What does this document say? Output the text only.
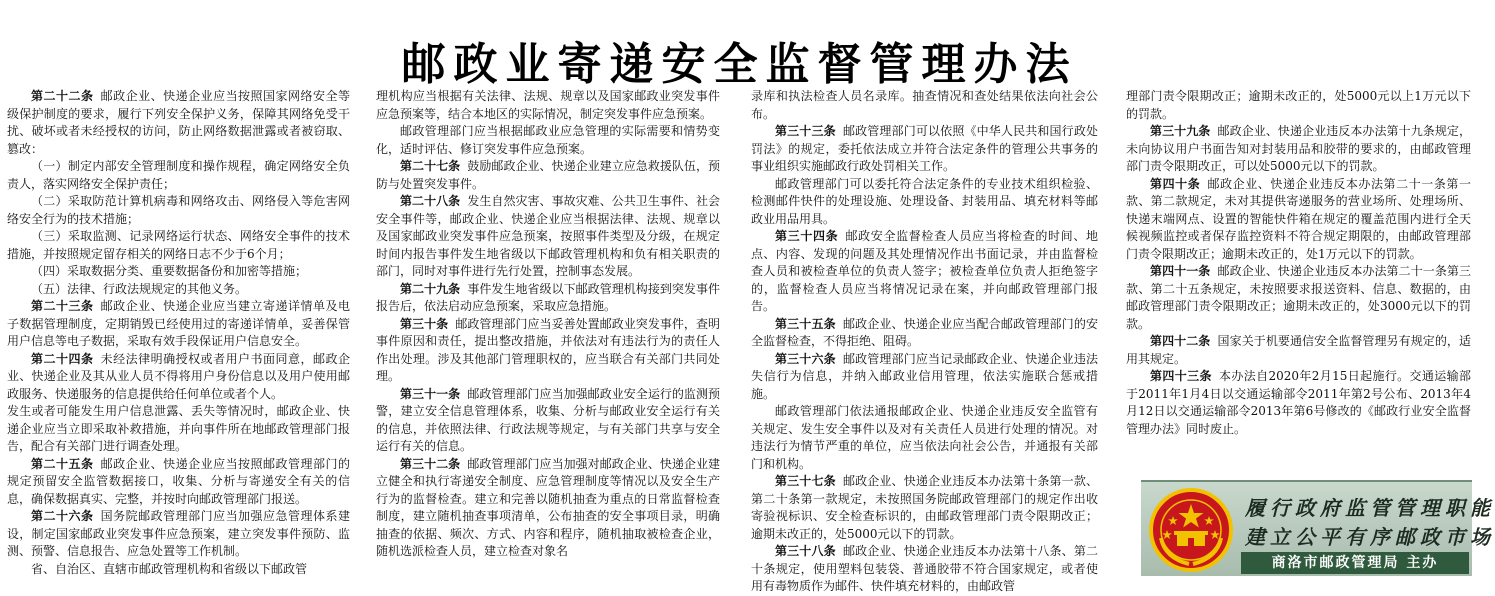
邮政业寄递安全监督管理办法

第二十二条 邮政企业、快递企业应当按照国家网络安全等级保护制度的要求，履行下列安全保护义务，保障其网络免受干扰、破坏或者未经授权的访问，防止网络数据泄露或者被窃取、篡改：

（一）制定内部安全管理制度和操作规程，确定网络安全负责人，落实网络安全保护责任；

（二）采取防范计算机病毒和网络攻击、网络侵入等危害网络安全行为的技术措施；

（三）采取监测、记录网络运行状态、网络安全事件的技术措施，并按照规定留存相关的网络日志不少于6个月；

（四）采取数据分类、重要数据备份和加密等措施；

（五）法律、行政法规规定的其他义务。

第二十三条 邮政企业、快递企业应当建立寄递详情单及电子数据管理制度，定期销毁已经使用过的寄递详情单，妥善保管用户信息等电子数据，采取有效手段保证用户信息安全。

第二十四条 未经法律明确授权或者用户书面同意，邮政企业、快递企业及其从业人员不得将用户身份信息以及用户使用邮政服务、快递服务的信息提供给任何单位或者个人。

发生或者可能发生用户信息泄露、丢失等情况时，邮政企业、快递企业应当立即采取补救措施，并向事件所在地邮政管理部门报告，配合有关部门进行调查处理。

第二十五条 邮政企业、快递企业应当按照邮政管理部门的规定预留安全监管数据接口，收集、分析与寄递安全有关的信息，确保数据真实、完整，并按时向邮政管理部门报送。

第二十六条 国务院邮政管理部门应当加强应急管理体系建设，制定国家邮政业突发事件应急预案，建立突发事件预防、监测、预警、信息报告、应急处置等工作机制。

省、自治区、直辖市邮政管理机构和省级以下邮政管

理机构应当根据有关法律、法规、规章以及国家邮政业突发事件应急预案等，结合本地区的实际情况，制定突发事件应急预案。

邮政管理部门应当根据邮政业应急管理的实际需要和情势变化，适时评估、修订突发事件应急预案。

第二十七条 鼓励邮政企业、快递企业建立应急救援队伍，预防与处置突发事件。

第二十八条 发生自然灾害、事故灾难、公共卫生事件、社会安全事件等，邮政企业、快递企业应当根据法律、法规、规章以及国家邮政业突发事件应急预案，按照事件类型及分级，在规定时间内报告事件发生地省级以下邮政管理机构和负有相关职责的部门，同时对事件进行先行处置，控制事态发展。

第二十九条 事件发生地省级以下邮政管理机构接到突发事件报告后，依法启动应急预案，采取应急措施。

第三十条 邮政管理部门应当妥善处置邮政业突发事件，查明事件原因和责任，提出整改措施，并依法对有违法行为的责任人作出处理。涉及其他部门管理职权的，应当联合有关部门共同处理。

第三十一条 邮政管理部门应当加强邮政业安全运行的监测预警，建立安全信息管理体系，收集、分析与邮政业安全运行有关的信息，并依照法律、行政法规等规定，与有关部门共享与安全运行有关的信息。

第三十二条 邮政管理部门应当加强对邮政企业、快递企业建立健全和执行寄递安全制度、应急管理制度等情况以及安全生产行为的监督检查。建立和完善以随机抽查为重点的日常监督检查制度，建立随机抽查事项清单，公布抽查的安全事项目录，明确抽查的依据、频次、方式、内容和程序，随机抽取被检查企业，随机选派检查人员，建立检查对象名

录库和执法检查人员名录库。抽查情况和查处结果依法向社会公布。

第三十三条 邮政管理部门可以依照《中华人民共和国行政处罚法》的规定，委托依法成立并符合法定条件的管理公共事务的事业组织实施邮政行政处罚相关工作。

邮政管理部门可以委托符合法定条件的专业技术组织检验、检测邮件快件的处理设施、处理设备、封装用品、填充材料等邮政业用品用具。

第三十四条 邮政安全监督检查人员应当将检查的时间、地点、内容、发现的问题及其处理情况作出书面记录，并由监督检查人员和被检查单位的负责人签字；被检查单位负责人拒绝签字的，监督检查人员应当将情况记录在案，并向邮政管理部门报告。

第三十五条 邮政企业、快递企业应当配合邮政管理部门的安全监督检查，不得拒绝、阻碍。

第三十六条 邮政管理部门应当记录邮政企业、快递企业违法失信行为信息，并纳入邮政业信用管理，依法实施联合惩戒措施。

邮政管理部门依法通报邮政企业、快递企业违反安全监管有关规定、发生安全事件以及对有关责任人员进行处理的情况。对违法行为情节严重的单位，应当依法向社会公告，并通报有关部门和机构。

第三十七条 邮政企业、快递企业违反本办法第十条第一款、第二十条第一款规定，未按照国务院邮政管理部门的规定作出收寄验视标识、安全检查标识的，由邮政管理部门责令限期改正；逾期未改正的，处5000元以下的罚款。

第三十八条 邮政企业、快递企业违反本办法第十八条、第二十条规定，使用塑料包装袋、普通胶带不符合国家规定，或者使用有毒物质作为邮件、快件填充材料的，由邮政管

理部门责令限期改正；逾期未改正的，处5000元以上1万元以下的罚款。

第三十九条 邮政企业、快递企业违反本办法第十九条规定，未向协议用户书面告知对封装用品和胶带的要求的，由邮政管理部门责令限期改正，可以处5000元以下的罚款。

第四十条 邮政企业、快递企业违反本办法第二十一条第一款、第二款规定，未对其提供寄递服务的营业场所、处理场所、快递末端网点、设置的智能快件箱在规定的覆盖范围内进行全天候视频监控或者保存监控资料不符合规定期限的，由邮政管理部门责令限期改正；逾期未改正的，处1万元以下的罚款。

第四十一条 邮政企业、快递企业违反本办法第二十一条第三款、第二十五条规定，未按照要求报送资料、信息、数据的，由邮政管理部门责令限期改正；逾期未改正的，处3000元以下的罚款。

第四十二条 国家关于机要通信安全监督管理另有规定的，适用其规定。

第四十三条 本办法自2020年2月15日起施行。交通运输部于2011年1月4日以交通运输部令2011年第2号公布、2013年4月12日以交通运输部令2013年第6号修改的《邮政行业安全监督管理办法》同时废止。

履行政府监管管理职能
建立公平有序邮政市场
商洛市邮政管理局 主办
